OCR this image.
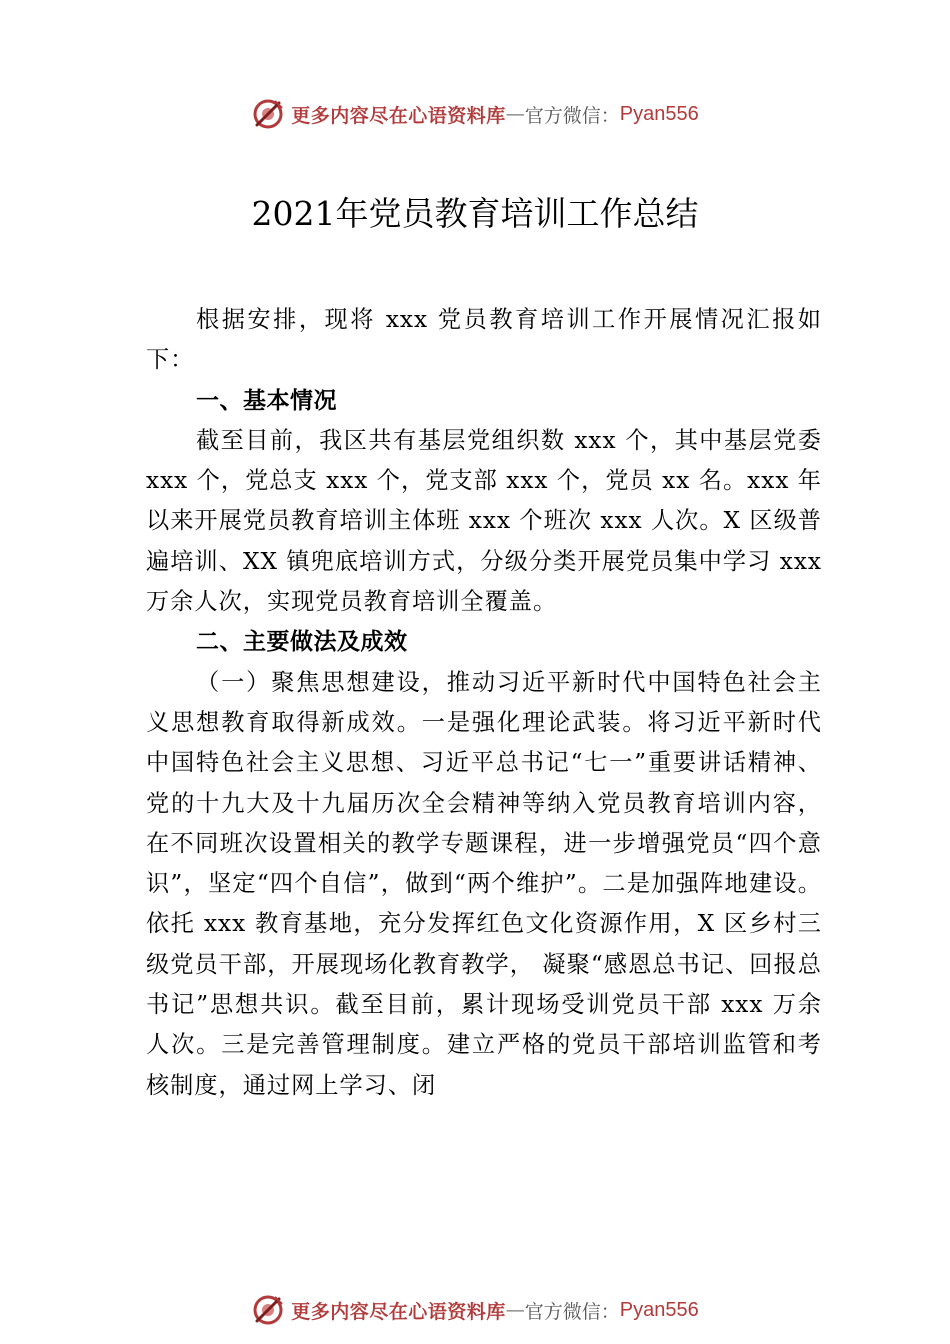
更多内容尽在心语资料库 — 官方微信： Pyan556
2021年党员教育培训工作总结

根据安排，现将 xxx 党员教育培训工作开展情况汇报如下：

一、基本情况

截至目前，我区共有基层党组织数 xxx 个，其中基层党委 xxx 个，党总支 xxx 个，党支部 xxx 个，党员 xx 名。xxx 年以来开展党员教育培训主体班 xxx 个班次 xxx 人次。X 区级普遍培训、XX 镇兜底培训方式，分级分类开展党员集中学习 xxx 万余人次，实现党员教育培训全覆盖。

二、主要做法及成效

（一）聚焦思想建设，推动习近平新时代中国特色社会主义思想教育取得新成效。一是强化理论武装。将习近平新时代中国特色社会主义思想、习近平总书记“七一”重要讲话精神、党的十九大及十九届历次全会精神等纳入党员教育培训内容，在不同班次设置相关的教学专题课程，进一步增强党员“四个意识”，坚定“四个自信”，做到“两个维护”。二是加强阵地建设。依托 xxx 教育基地，充分发挥红色文化资源作用，X 区乡村三级党员干部，开展现场化教育教学， 凝聚“感恩总书记、回报总书记”思想共识。截至目前，累计现场受训党员干部 xxx 万余人次。三是完善管理制度。建立严格的党员干部培训监管和考核制度，通过网上学习、闭

更多内容尽在心语资料库 — 官方微信： Pyan556
